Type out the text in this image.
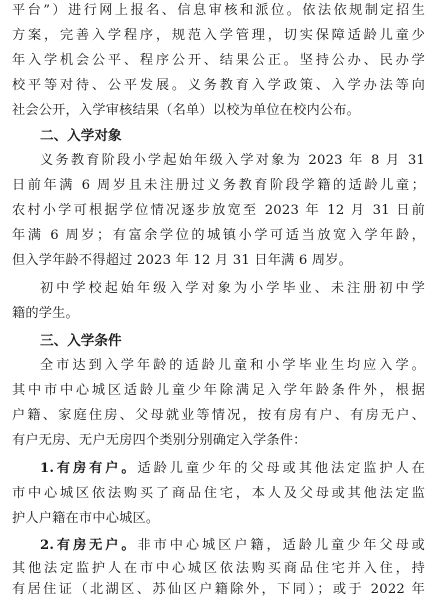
平台”）进行网上报名、信息审核和派位。依法依规制定招生
方案，完善入学程序，规范入学管理，切实保障适龄儿童少
年入学机会公平、程序公开、结果公正。坚持公办、民办学
校平等对待、公平发展。义务教育入学政策、入学办法等向
社会公开，入学审核结果（名单）以校为单位在校内公布。
二、入学对象
义务教育阶段小学起始年级入学对象为 2023 年 8 月 31
日前年满 6 周岁且未注册过义务教育阶段学籍的适龄儿童；
农村小学可根据学位情况逐步放宽至 2023 年 12 月 31 日前
年满 6 周岁；有富余学位的城镇小学可适当放宽入学年龄，
但入学年龄不得超过 2023 年 12 月 31 日年满 6 周岁。
初中学校起始年级入学对象为小学毕业、未注册初中学
籍的学生。
三、入学条件
全市达到入学年龄的适龄儿童和小学毕业生均应入学。
其中市中心城区适龄儿童少年除满足入学年龄条件外，根据
户籍、家庭住房、父母就业等情况，按有房有户、有房无户、
有户无房、无户无房四个类别分别确定入学条件：
1.有房有户。适龄儿童少年的父母或其他法定监护人在
市中心城区依法购买了商品住宅，本人及父母或其他法定监
护人户籍在市中心城区。
2.有房无户。非市中心城区户籍，适龄儿童少年父母或
其他法定监护人在市中心城区依法购买商品住宅并入住，持
有居住证（北湖区、苏仙区户籍除外，下同）；或于 2022 年
